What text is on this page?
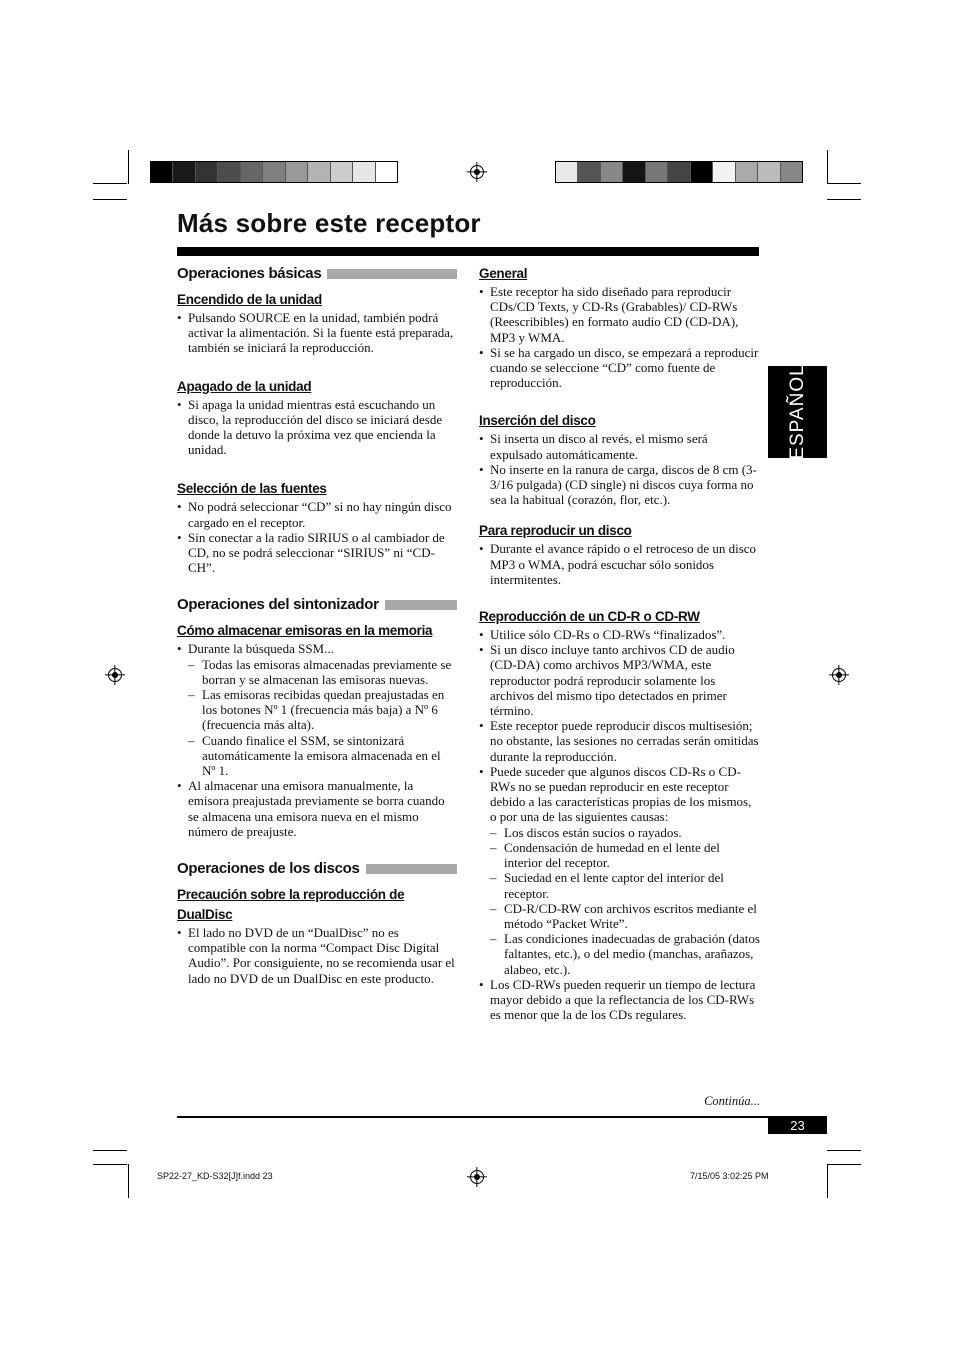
Más sobre este receptor
ESPAÑOL
Operaciones básicas
Encendido de la unidad
• Pulsando SOURCE en la unidad, también podrá activar la alimentación. Si la fuente está preparada, también se iniciará la reproducción.
Apagado de la unidad
• Si apaga la unidad mientras está escuchando un disco, la reproducción del disco se iniciará desde donde la detuvo la próxima vez que encienda la unidad.
Selección de las fuentes
• No podrá seleccionar “CD” si no hay ningún disco cargado en el receptor.
• Sin conectar a la radio SIRIUS o al cambiador de CD, no se podrá seleccionar “SIRIUS” ni “CD-CH”.
Operaciones del sintonizador
Cómo almacenar emisoras en la memoria
• Durante la búsqueda SSM...
– Todas las emisoras almacenadas previamente se borran y se almacenan las emisoras nuevas.
– Las emisoras recibidas quedan preajustadas en los botones Nº 1 (frecuencia más baja) a Nº 6 (frecuencia más alta).
– Cuando finalice el SSM, se sintonizará automáticamente la emisora almacenada en el Nº 1.
• Al almacenar una emisora manualmente, la emisora preajustada previamente se borra cuando se almacena una emisora nueva en el mismo número de preajuste.
Operaciones de los discos
Precaución sobre la reproducción de
DualDisc
• El lado no DVD de un “DualDisc” no es compatible con la norma “Compact Disc Digital Audio”. Por consiguiente, no se recomienda usar el lado no DVD de un DualDisc en este producto.
General
• Este receptor ha sido diseñado para reproducir CDs/CD Texts, y CD-Rs (Grabables)/ CD-RWs (Reescribibles) en formato audio CD (CD-DA), MP3 y WMA.
• Si se ha cargado un disco, se empezará a reproducir cuando se seleccione “CD” como fuente de reproducción.
Inserción del disco
• Si inserta un disco al revés, el mismo será expulsado automáticamente.
• No inserte en la ranura de carga, discos de 8 cm (3-3/16 pulgada) (CD single) ni discos cuya forma no sea la habitual (corazón, flor, etc.).
Para reproducir un disco
• Durante el avance rápido o el retroceso de un disco MP3 o WMA, podrá escuchar sólo sonidos intermitentes.
Reproducción de un CD-R o CD-RW
• Utilice sólo CD-Rs o CD-RWs “finalizados”.
• Si un disco incluye tanto archivos CD de audio (CD-DA) como archivos MP3/WMA, este reproductor podrá reproducir solamente los archivos del mismo tipo detectados en primer término.
• Este receptor puede reproducir discos multisesión; no obstante, las sesiones no cerradas serán omitidas durante la reproducción.
• Puede suceder que algunos discos CD-Rs o CD-RWs no se puedan reproducir en este receptor debido a las características propias de los mismos, o por una de las siguientes causas:
– Los discos están sucios o rayados.
– Condensación de humedad en el lente del interior del receptor.
– Suciedad en el lente captor del interior del receptor.
– CD-R/CD-RW con archivos escritos mediante el método “Packet Write”.
– Las condiciones inadecuadas de grabación (datos faltantes, etc.), o del medio (manchas, arañazos, alabeo, etc.).
• Los CD-RWs pueden requerir un tiempo de lectura mayor debido a que la reflectancia de los CD-RWs es menor que la de los CDs regulares.
Continúa...
23
SP22-27_KD-S32[J]f.indd 23	7/15/05 3:02:25 PM
